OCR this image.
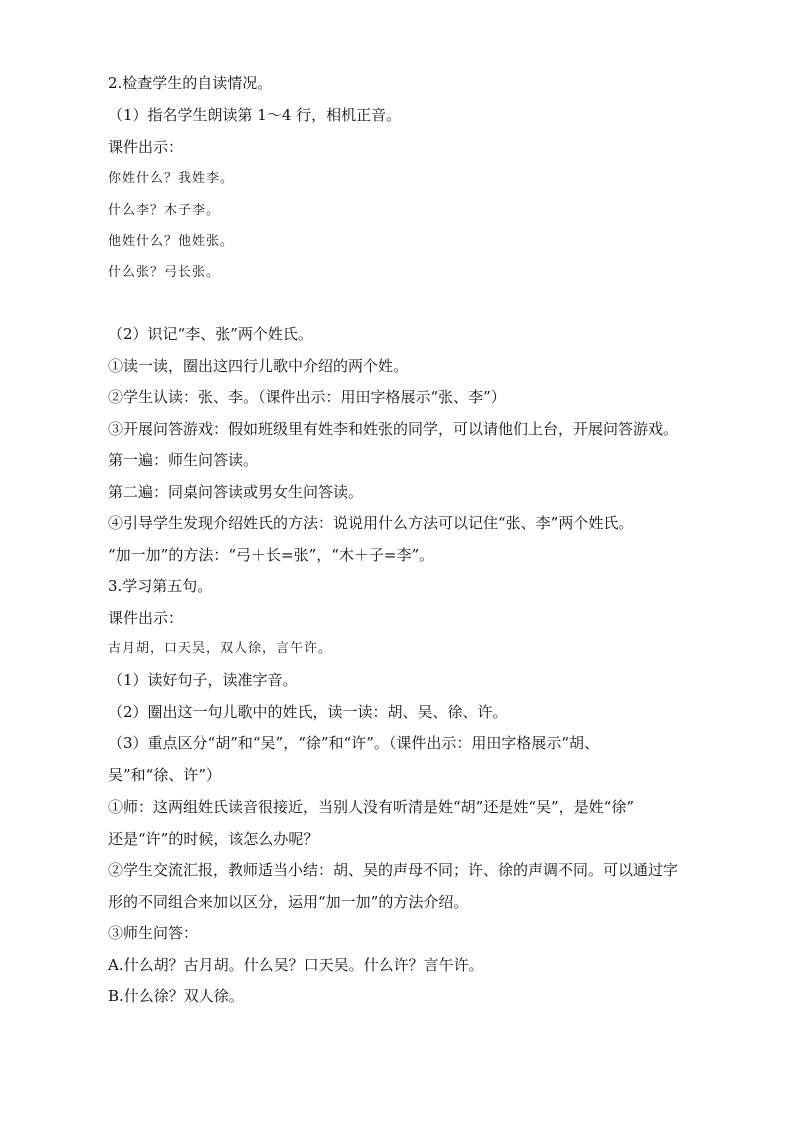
2.检查学生的自读情况。
（1）指名学生朗读第 1～4 行，相机正音。
课件出示：
你姓什么？我姓李。
什么李？木子李。
他姓什么？他姓张。
什么张？弓长张。
（2）识记“李、张”两个姓氏。
①读一读，圈出这四行儿歌中介绍的两个姓。
②学生认读：张、李。（课件出示：用田字格展示“张、李”）
③开展问答游戏：假如班级里有姓李和姓张的同学，可以请他们上台，开展问答游戏。
第一遍：师生问答读。
第二遍：同桌问答读或男女生问答读。
④引导学生发现介绍姓氏的方法：说说用什么方法可以记住“张、李”两个姓氏。
“加一加”的方法：“弓＋长=张”，“木＋子=李”。
3.学习第五句。
课件出示：
古月胡，口天吴，双人徐，言午许。
（1）读好句子，读准字音。
（2）圈出这一句儿歌中的姓氏，读一读：胡、吴、徐、许。
（3）重点区分“胡”和“吴”，“徐”和“许”。（课件出示：用田字格展示“胡、
吴”和“徐、许”）
①师：这两组姓氏读音很接近，当别人没有听清是姓“胡”还是姓“吴”，是姓“徐”
还是“许”的时候，该怎么办呢？
②学生交流汇报，教师适当小结：胡、吴的声母不同；许、徐的声调不同。可以通过字
形的不同组合来加以区分，运用“加一加”的方法介绍。
③师生问答：
A.什么胡？古月胡。什么吴？口天吴。什么许？言午许。
B.什么徐？双人徐。
